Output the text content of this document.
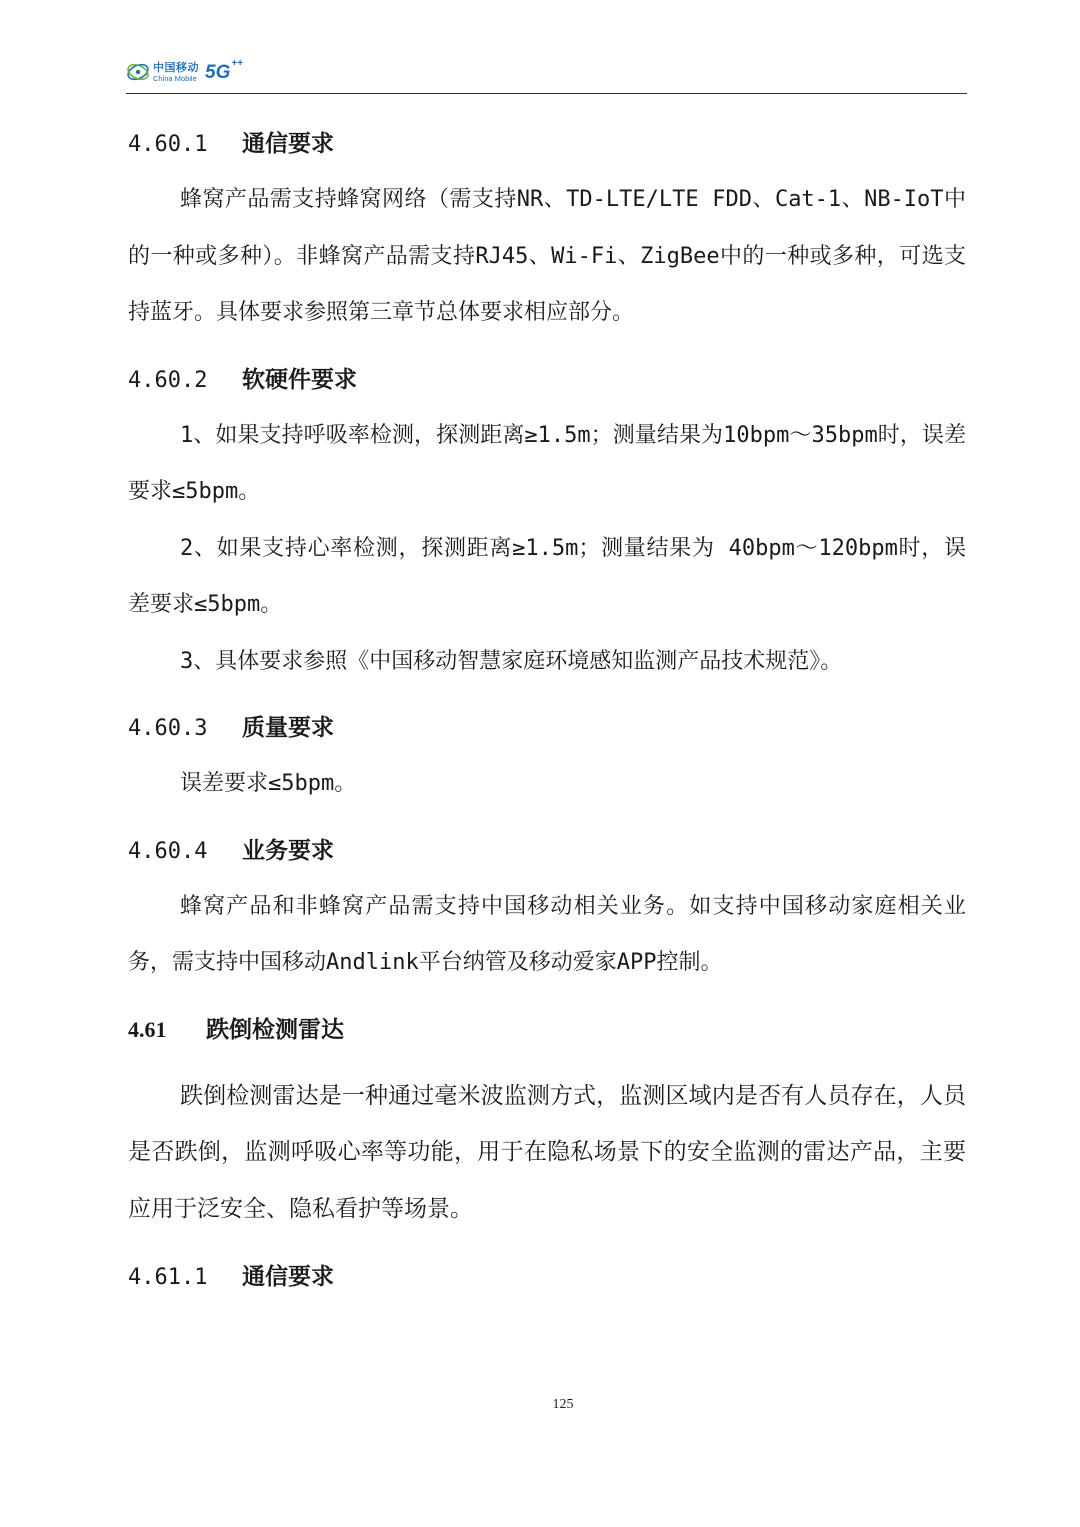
中国移动
China Mobile 5G ++
4.60.1 通信要求

蜂窝产品需支持蜂窝网络（需支持NR、TD-LTE/LTE FDD、Cat-1、NB-IoT中的一种或多种）。非蜂窝产品需支持RJ45、Wi-Fi、ZigBee中的一种或多种，可选支持蓝牙。具体要求参照第三章节总体要求相应部分。

4.60.2 软硬件要求

1、如果支持呼吸率检测，探测距离≥1.5m；测量结果为10bpm～35bpm时，误差要求≤5bpm。

2、如果支持心率检测，探测距离≥1.5m；测量结果为 40bpm～120bpm时，误差要求≤5bpm。

3、具体要求参照《中国移动智慧家庭环境感知监测产品技术规范》。

4.60.3 质量要求

误差要求≤5bpm。

4.60.4 业务要求

蜂窝产品和非蜂窝产品需支持中国移动相关业务。如支持中国移动家庭相关业务，需支持中国移动Andlink平台纳管及移动爱家APP控制。

4.61 跌倒检测雷达

跌倒检测雷达是一种通过毫米波监测方式，监测区域内是否有人员存在，人员是否跌倒，监测呼吸心率等功能，用于在隐私场景下的安全监测的雷达产品，主要应用于泛安全、隐私看护等场景。

4.61.1 通信要求
125
